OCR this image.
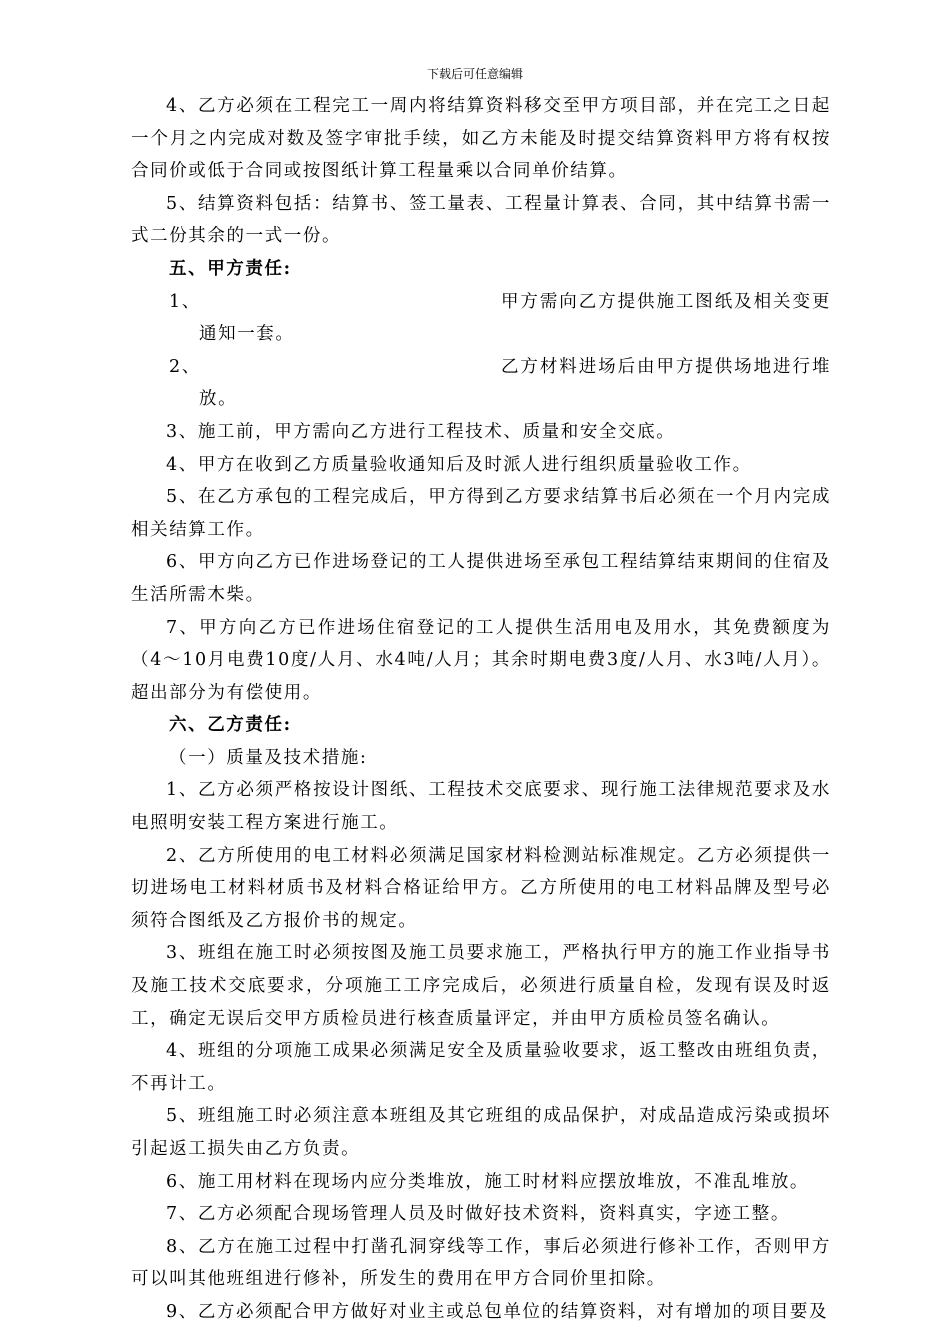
下载后可任意编辑

4、乙方必须在工程完工一周内将结算资料移交至甲方项目部，并在完工之日起一个月之内完成对数及签字审批手续，如乙方未能及时提交结算资料甲方将有权按合同价或低于合同或按图纸计算工程量乘以合同单价结算。

5、结算资料包括：结算书、签工量表、工程量计算表、合同，其中结算书需一式二份其余的一式一份。

五、甲方责任:

1、	甲方需向乙方提供施工图纸及相关变更

通知一套。

2、	乙方材料进场后由甲方提供场地进行堆

放。

3、施工前，甲方需向乙方进行工程技术、质量和安全交底。

4、甲方在收到乙方质量验收通知后及时派人进行组织质量验收工作。

5、在乙方承包的工程完成后，甲方得到乙方要求结算书后必须在一个月内完成相关结算工作。

6、甲方向乙方已作进场登记的工人提供进场至承包工程结算结束期间的住宿及生活所需木柴。

7、甲方向乙方已作进场住宿登记的工人提供生活用电及用水，其免费额度为（4～10月电费10度/人月、水4吨/人月；其余时期电费3度/人月、水3吨/人月）。超出部分为有偿使用。

六、乙方责任:

（一）质量及技术措施:

1、乙方必须严格按设计图纸、工程技术交底要求、现行施工法律规范要求及水电照明安装工程方案进行施工。

2、乙方所使用的电工材料必须满足国家材料检测站标准规定。乙方必须提供一切进场电工材料材质书及材料合格证给甲方。乙方所使用的电工材料品牌及型号必须符合图纸及乙方报价书的规定。

3、班组在施工时必须按图及施工员要求施工，严格执行甲方的施工作业指导书及施工技术交底要求，分项施工工序完成后，必须进行质量自检，发现有误及时返工，确定无误后交甲方质检员进行核查质量评定，并由甲方质检员签名确认。

4、班组的分项施工成果必须满足安全及质量验收要求，返工整改由班组负责，不再计工。

5、班组施工时必须注意本班组及其它班组的成品保护，对成品造成污染或损坏引起返工损失由乙方负责。

6、施工用材料在现场内应分类堆放，施工时材料应摆放堆放，不准乱堆放。

7、乙方必须配合现场管理人员及时做好技术资料，资料真实，字迹工整。

8、乙方在施工过程中打凿孔洞穿线等工作，事后必须进行修补工作，否则甲方可以叫其他班组进行修补，所发生的费用在甲方合同价里扣除。

9、乙方必须配合甲方做好对业主或总包单位的结算资料，对有增加的项目要及
